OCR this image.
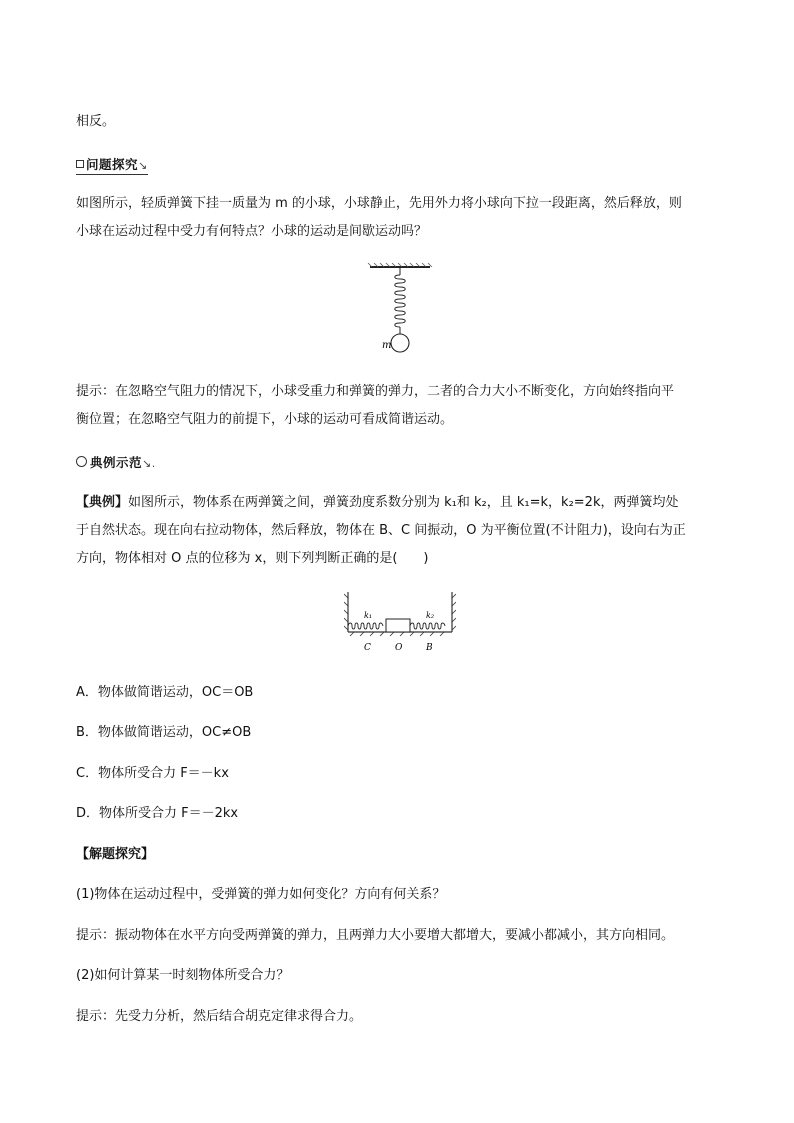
相反。
问题探究↘
如图所示，轻质弹簧下挂一质量为 m 的小球，小球静止，先用外力将小球向下拉一段距离，然后释放，则
小球在运动过程中受力有何特点？小球的运动是间歇运动吗？
m
提示：在忽略空气阻力的情况下，小球受重力和弹簧的弹力，二者的合力大小不断变化，方向始终指向平
衡位置；在忽略空气阻力的前提下，小球的运动可看成简谐运动。
典例示范↘.
【典例】如图所示，物体系在两弹簧之间，弹簧劲度系数分别为 k₁和 k₂，且 k₁=k，k₂=2k，两弹簧均处
于自然状态。现在向右拉动物体，然后释放，物体在 B、C 间振动，O 为平衡位置(不计阻力)，设向右为正
方向，物体相对 O 点的位移为 x，则下列判断正确的是(　　)
k₁	k₂
C	O	B
A．物体做简谐运动，OC＝OB
B．物体做简谐运动，OC≠OB
C．物体所受合力 F＝－kx
D．物体所受合力 F＝－2kx
【解题探究】
(1)物体在运动过程中，受弹簧的弹力如何变化？方向有何关系？
提示：振动物体在水平方向受两弹簧的弹力，且两弹力大小要增大都增大，要减小都减小，其方向相同。
(2)如何计算某一时刻物体所受合力？
提示：先受力分析，然后结合胡克定律求得合力。
